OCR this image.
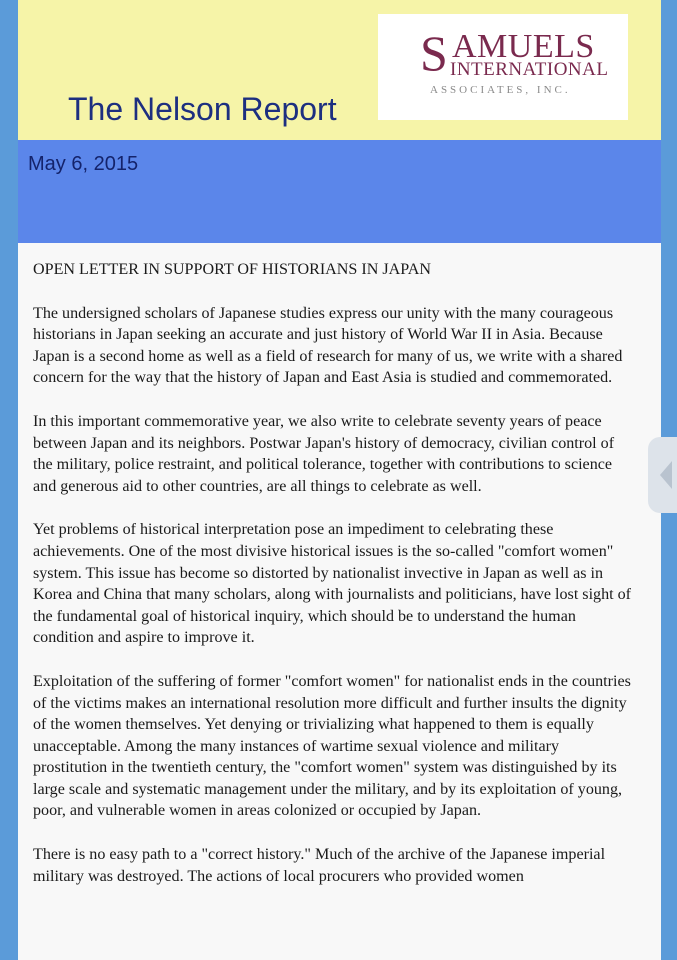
S AMUELS
INTERNATIONAL
ASSOCIATES, INC.
The Nelson Report
May 6, 2015

OPEN LETTER IN SUPPORT OF HISTORIANS IN JAPAN

The undersigned scholars of Japanese studies express our unity with the many courageous historians in Japan seeking an accurate and just history of World War II in Asia. Because Japan is a second home as well as a field of research for many of us, we write with a shared concern for the way that the history of Japan and East Asia is studied and commemorated.

In this important commemorative year, we also write to celebrate seventy years of peace between Japan and its neighbors. Postwar Japan's history of democracy, civilian control of the military, police restraint, and political tolerance, together with contributions to science and generous aid to other countries, are all things to celebrate as well.

Yet problems of historical interpretation pose an impediment to celebrating these achievements. One of the most divisive historical issues is the so-called "comfort women" system. This issue has become so distorted by nationalist invective in Japan as well as in Korea and China that many scholars, along with journalists and politicians, have lost sight of the fundamental goal of historical inquiry, which should be to understand the human condition and aspire to improve it.

Exploitation of the suffering of former "comfort women" for nationalist ends in the countries of the victims makes an international resolution more difficult and further insults the dignity of the women themselves. Yet denying or trivializing what happened to them is equally unacceptable. Among the many instances of wartime sexual violence and military prostitution in the twentieth century, the "comfort women" system was distinguished by its large scale and systematic management under the military, and by its exploitation of young, poor, and vulnerable women in areas colonized or occupied by Japan.

There is no easy path to a "correct history." Much of the archive of the Japanese imperial military was destroyed. The actions of local procurers who provided women
